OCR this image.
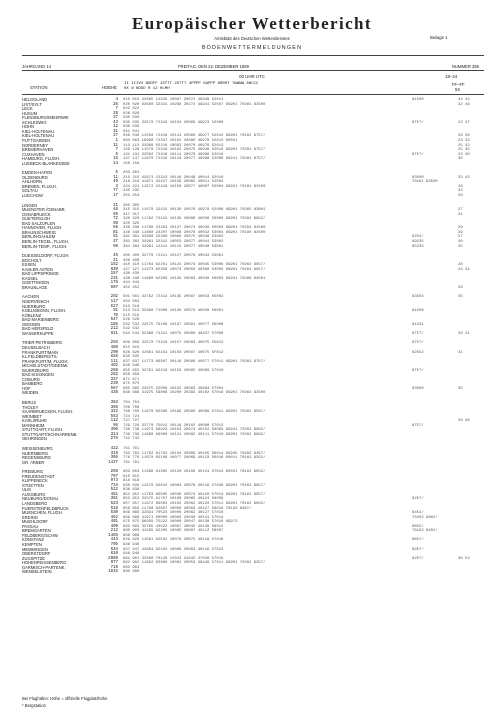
Europäischer Wetterbericht
Amtsblatt des Deutschen Wetterdienstes	Beilage 1
BODENWETTERMELDUNGEN
JAHRGANG 14	FREITAG, DEN 22. DEZEMBER 1989	NUMMER 356
00 UHR UTC	18–24
STATION	HOEHE
II IIIVV NDDFF 1STTT 2STTT 4PPPP 5APPP 6RRRT 7WWWW 8NCCC
RX N NDDD R 12 HLMH
FF–FF
5X
HELGOLAND	4 015 015 32665 12525 10097 20072 49949 52011	81500	34 44
LIST/SYLT	26 020 020 93560 32324 10288 20272 49941 52507 69901 70281 83500	32 46
LECK	7 022 022
HUSUM	28 026 026
FLENSBURG/MEIERWIK	27 030 030
SCHLESWIG	43 035 035 32570 72316 10104 20069 49973 52008	8757/	23 47
HOHN	12 038 038
KIEL-HOLTENAU	31 041 041
KIEL-HOLTENAU	27 046 046 11558 72416 10114 20060 49977 52012 69901 70182 8757/	26 46
PUTTGARDEN	1 063 063 16960 72337 10102 20080 49978 52012 60021	23 33
NORDERNEY	11 113 113 32968 02218 10093 20070 49976 52013	25 32
BREMERHAVEN	7 129 129 11570 72318 10102 20075 49948 52010 69901 70281 8757/	25 35
CUXHAVEN	5 131 131 32562 72418 10111 20078 49986 52010	8757/	23 40
HAMBURG, FLUGH.	16 147 147 11670 72316 10110 20077 49988 52008 69911 70281 8757/	30
LUEBECK-BLANKENSEE	14 156 156
EMDEN-HAFEN	5 203 203
OLDENBURG	11 215 215 42673 22313 10116 20048 40014 52010	83500	33 43
AHLHORN	49 218 218 41671 32417 10159 20065 40011 52004	70181 83500
BREMEN, FLUGH.	3 224 224 11572 22416 10159 20077 40007 52004 69921 70181 82500	26
SOLTAU	77 235 235	33
LUECHOW	17 253 253	28
LINGEN	21 305 305
MUENSTER /OSNABR.	48 315 315 11570 32415 10130 20076 49978 52006 69901 70265 83801	27
OSNABRUECK	95 317 317	31
GUETERSLOH	72 320 320 11782 72152 10128 20086 40036 50000 69901 70282 8652/
BAD SALZUFLEN	98 325 325
HANNOVER, FLUGH.	56 338 338 11780 22353 10127 20074 40028 50003 69901 70282 82500	29
BRAUNSCHWEIG	81 348 348 11660 22207 10096 20078 40042 53004 69901 70180 82500	29
BERLIN-DAHLEM	51 381 381 32660 32309 10090 20075 40049 53002	8254/	27
BERLIN-TEGEL, FLUGH.	37 382 382 32981 32312 10053 20077 40044 53002	89235	30
BERLIN-TEMP., FLUGH.	50 384 384 32981 12211 10115 20077 40048 53001	85235	25
DUESSELDORF, FLUGH.	45 400 400 32770 72211 10127 20078 40043 53001
BOCHOLT	21 408 408
ESSEN	152 410 410 11784 62251 10124 20073 40045 53006 69901 70262 8657/	28
KAHLER ASTEN	839 427 427 11373 82359 10073 20050 40388 53003 69901 70264 8657/	44 44
BAD LIPPSPRINGE	157 430 430
KASSEL	231 438 438 11660 62209 10129 20083 40040 56003 69931 70286 84501
GOETTINGEN	175 444 444
BRAUNLAGE	607 452 452	28
AACHEN	202 501 501 32782 72312 10135 20087 40043 55002	83502	35
NOERVENICH	117 502 502
NUERBURG	627 510 510
KOELN/BONN, FLUGH.	91 513 513 32680 71006 10126 20073 40038 56001	81506
KOBLENZ	70 515 515
BAD MARIENBERG	547 526 526
GIESSEN	186 532 532 22575 79106 10197 20081 40077 56008	81531
BAD HERSFELD	212 542 542
WASSERKUPPE	921 544 544 32380 72221 10075 20060 40437 57006	8757/	26 41
TRIER-PETRISBERG	265 609 609 32570 72210 10157 20083 40075 55012	8757/
DEUSELBACH	480 615 615
FRANKFURT/MAIN	290 626 626 42661 82153 10103 20087 40075 5F012	82552	31
KL.FELDBERG/TS.	826 635 635
FRANKFURT/M, FLUGH.	111 637 637 11773 89907 10118 20098 40077 57011 69901 70262 8757/
MICHELSTADT/ODENW.	402 648 648
WUERZBURG	268 655 655 32781 82210 10153 20095 40099 57010	8757/
BAD KISSINGEN	282 658 658
COBURG	337 671 671
BAMBERG	239 675 675
HOF	567 685 685 32675 32009 10192 20063 40094 57004	83500	35
WEIDEN	438 688 688 31975 59808 10200 20283 40102 57018 69901 70262 83500
BERUS	363 704 704
THOLEY	386 706 706
SAARBRUECKEN, FLUGH.	322 708 708 11670 82306 10199 20090 40086 57011 69901 70262 8567/
WEINBIET	553 724 724
KARLSRUHE	112 727 727	26 46
MANNHEIM	96 729 729 32770 75012 10118 20102 40088 57013	8757/
STUTTGART, FLUGH.	396 738 738 11673 89923 10103 20074 40102 58003 69941 70262 8802/
STUTTGART/SCHNARRENB.	314 739 739 11680 89008 10121 20092 40111 57010 69901 70262 8802/
OEHRINGEN	276 742 742
WEISSENBURG	422 761 761
NUERNBERG	319 763 763 11762 81702 10104 20069 40105 56014 69935 70262 8357/
REGENSBURG	366 776 776 11670 82106 10077 20069 40123 56016 60011 70162 8352/
GR. ARBER	1437 791 791
FREIBURG	269 803 803 11368 81305 10120 20109 40124 57013 60031 76162 8652/
FREUDENSTADT	797 815 815
KLIPPENECK	973 818 818
STOETTEN	734 836 836 11570 82012 10094 20078 40118 57026 69901 70162 8657/
ULM	522 838 838
AUGSBURG	461 852 852 11763 89505 10030 20074 40120 57014 69901 76162 8657/
NEUBURG/DONAU	381 853 853 32575 81707 10106 20065 40124 58009	8257/
LANDSBERG	623 857 857 11872 89003 10102 20062 40120 57011 69901 70162 8802/
FUERSTENFELDBRUCK	518 859 859 11760 82007 10058 20056 40127 58016 76162 8407/
MUENCHEN, FLUGH.	530 866 866 32834 70523 10006 20062 40127 57010	8454/
ERDING	462 869 869 41971 80000 10083 20030 40141 57014	70262 8802/
MUEHLDORF	401 875 875 96959 75222 10060 20047 40130 57019 69972
PASSAU	409 893 893 32765 43522 10067 20045 40139 56012	8652/
BREMGARTEN	212 900 900 41565 82205 10095 20087 40112 58007	76162 8402/
FELDBERG/SCHW.	1486 908 908
KONSTANZ	443 929 929 11561 82502 10079 20075 40118 57018	8657/
KEMPTEN	705 946 946
MEMMINGEN	634 947 947 42884 82102 10089 20063 40116 57023	8957/
OBERSTDORF	810 948 948
ZUGSPITZE	2960 961 961 32580 70126 11023 21042 47029 57019	8257/	36 52
HOHENPEISSENBERG	977 962 962 11682 83609 10082 20053 48449 57011 69901 70262 8357/
GARMISCH-PARTENK.	719 963 963
WENDELSTEIN	1832 980 980
Bei Flughäfen: Höhe = offizielle Flugplatzhöhe
* Bergstation
